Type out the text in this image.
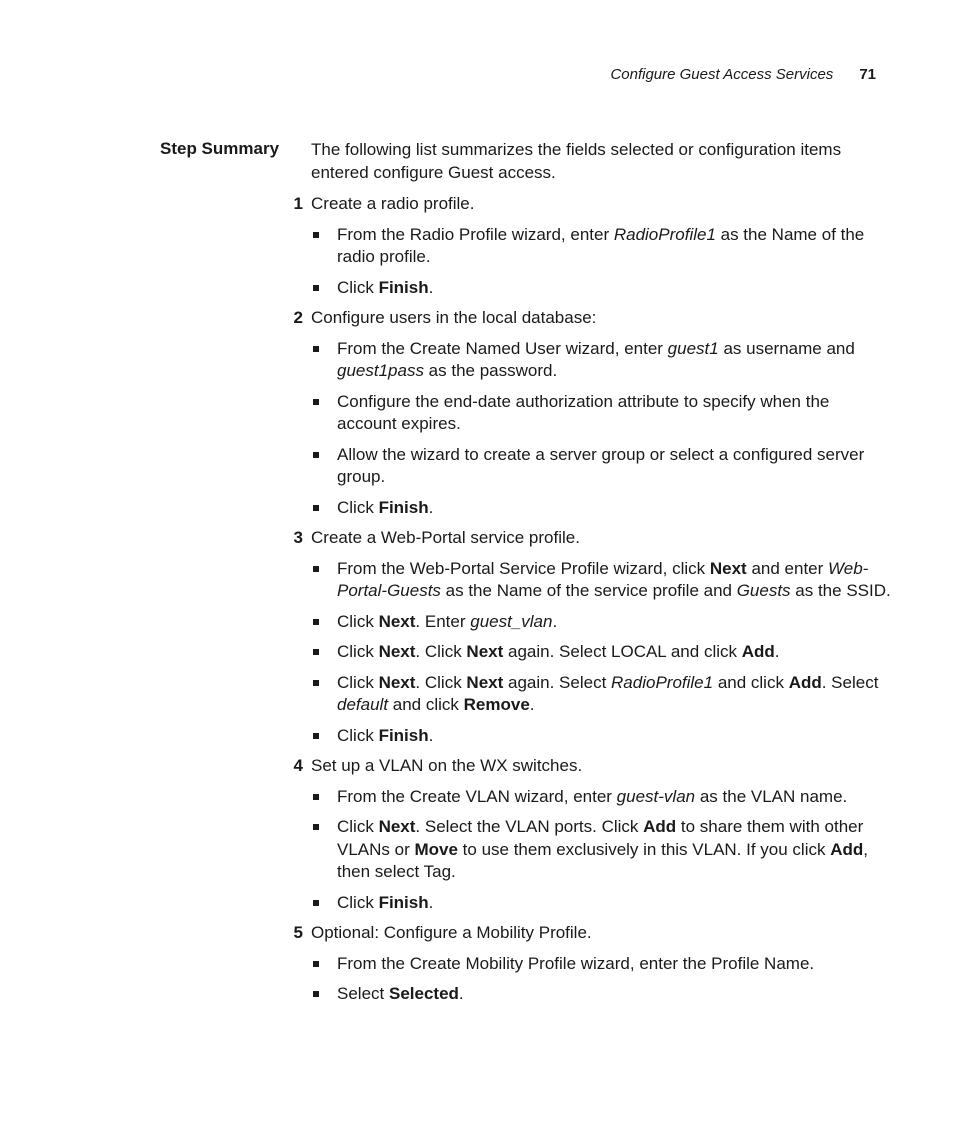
Configure Guest Access Services 71
Step Summary The following list summarizes the fields selected or configuration items entered configure Guest access.

1 Create a radio profile.

From the Radio Profile wizard, enter RadioProfile1 as the Name of the radio profile.
Click Finish.
2 Configure users in the local database:

From the Create Named User wizard, enter guest1 as username and guest1pass as the password.
Configure the end-date authorization attribute to specify when the account expires.
Allow the wizard to create a server group or select a configured server group.
Click Finish.
3 Create a Web-Portal service profile.

From the Web-Portal Service Profile wizard, click Next and enter Web-Portal-Guests as the Name of the service profile and Guests as the SSID.
Click Next. Enter guest_vlan.
Click Next. Click Next again. Select LOCAL and click Add.
Click Next. Click Next again. Select RadioProfile1 and click Add. Select default and click Remove.
Click Finish.
4 Set up a VLAN on the WX switches.

From the Create VLAN wizard, enter guest-vlan as the VLAN name.
Click Next. Select the VLAN ports. Click Add to share them with other VLANs or Move to use them exclusively in this VLAN. If you click Add, then select Tag.
Click Finish.
5 Optional: Configure a Mobility Profile.

From the Create Mobility Profile wizard, enter the Profile Name.
Select Selected.
